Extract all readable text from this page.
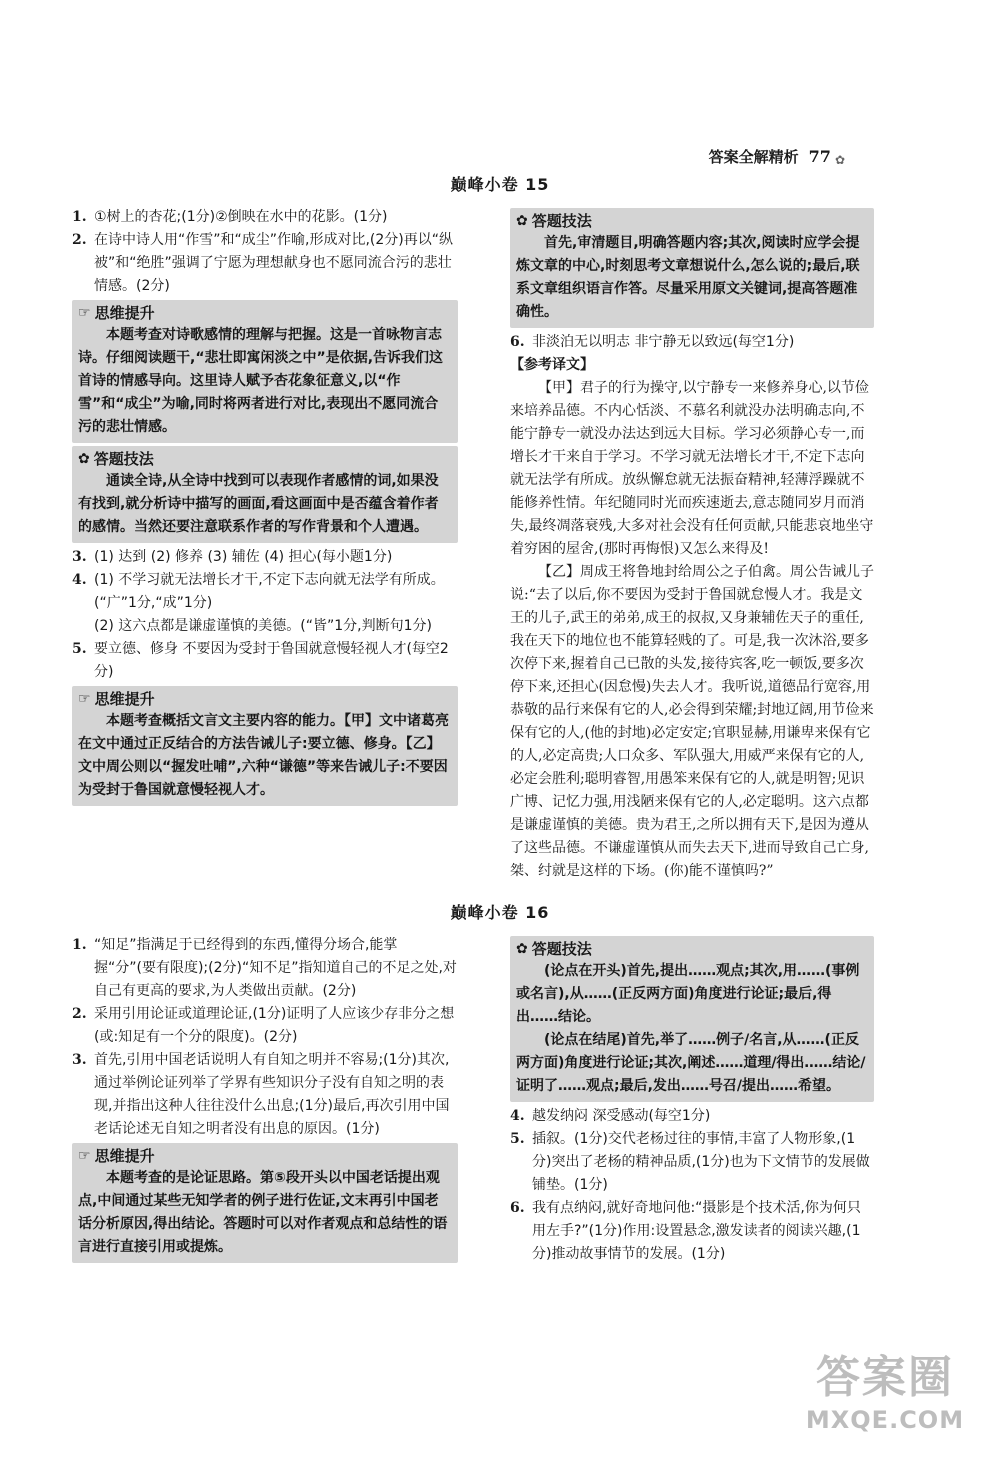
答案全解精析 77 ✿
巅峰小卷 15
1. ①树上的杏花;(1分)②倒映在水中的花影。(1分)
2. 在诗中诗人用“作雪”和“成尘”作喻,形成对比,(2分)再以“纵被”和“绝胜”强调了宁愿为理想献身也不愿同流合污的悲壮情感。(2分)
☞ 思维提升

本题考查对诗歌感情的理解与把握。这是一首咏物言志诗。仔细阅读题干,“悲壮即寓闲淡之中”是依据,告诉我们这首诗的情感导向。这里诗人赋予杏花象征意义,以“作雪”和“成尘”为喻,同时将两者进行对比,表现出不愿同流合污的悲壮情感。

✿ 答题技法

通读全诗,从全诗中找到可以表现作者感情的词,如果没有找到,就分析诗中描写的画面,看这画面中是否蕴含着作者的感情。当然还要注意联系作者的写作背景和个人遭遇。

3. (1) 达到 (2) 修养 (3) 辅佐 (4) 担心(每小题1分)
4. (1) 不学习就无法增长才干,不定下志向就无法学有所成。(“广”1分,“成”1分)
(2) 这六点都是谦虚谨慎的美德。(“皆”1分,判断句1分)
5. 要立德、修身 不要因为受封于鲁国就意慢轻视人才(每空2分)
☞ 思维提升

本题考查概括文言文主要内容的能力。【甲】文中诸葛亮在文中通过正反结合的方法告诫儿子:要立德、修身。【乙】文中周公则以“握发吐哺”,六种“谦德”等来告诫儿子:不要因为受封于鲁国就意慢轻视人才。

✿ 答题技法

首先,审清题目,明确答题内容;其次,阅读时应学会提炼文章的中心,时刻思考文章想说什么,怎么说的;最后,联系文章组织语言作答。尽量采用原文关键词,提高答题准确性。

6. 非淡泊无以明志 非宁静无以致远(每空1分)
【参考译文】

【甲】君子的行为操守,以宁静专一来修养身心,以节俭来培养品德。不内心恬淡、不慕名利就没办法明确志向,不能宁静专一就没办法达到远大目标。学习必须静心专一,而增长才干来自于学习。不学习就无法增长才干,不定下志向就无法学有所成。放纵懈怠就无法振奋精神,轻薄浮躁就不能修养性情。年纪随同时光而疾速逝去,意志随同岁月而消失,最终凋落衰残,大多对社会没有任何贡献,只能悲哀地坐守着穷困的屋舍,(那时再悔恨)又怎么来得及!

【乙】周成王将鲁地封给周公之子伯禽。周公告诫儿子说:“去了以后,你不要因为受封于鲁国就怠慢人才。我是文王的儿子,武王的弟弟,成王的叔叔,又身兼辅佐天子的重任,我在天下的地位也不能算轻贱的了。可是,我一次沐浴,要多次停下来,握着自己已散的头发,接待宾客,吃一顿饭,要多次停下来,还担心(因怠慢)失去人才。我听说,道德品行宽容,用恭敬的品行来保有它的人,必会得到荣耀;封地辽阔,用节俭来保有它的人,(他的封地)必定安定;官职显赫,用谦卑来保有它的人,必定高贵;人口众多、军队强大,用威严来保有它的人,必定会胜利;聪明睿智,用愚笨来保有它的人,就是明智;见识广博、记忆力强,用浅陋来保有它的人,必定聪明。这六点都是谦虚谨慎的美德。贵为君王,之所以拥有天下,是因为遵从了这些品德。不谦虚谨慎从而失去天下,进而导致自己亡身,桀、纣就是这样的下场。(你)能不谨慎吗?”

巅峰小卷 16
1. “知足”指满足于已经得到的东西,懂得分场合,能掌握“分”(要有限度);(2分)“知不足”指知道自己的不足之处,对自己有更高的要求,为人类做出贡献。(2分)
2. 采用引用论证或道理论证,(1分)证明了人应该少存非分之想(或:知足有一个分的限度)。(2分)
3. 首先,引用中国老话说明人有自知之明并不容易;(1分)其次,通过举例论证列举了学界有些知识分子没有自知之明的表现,并指出这种人往往没什么出息;(1分)最后,再次引用中国老话论述无自知之明者没有出息的原因。(1分)
☞ 思维提升

本题考查的是论证思路。第⑤段开头以中国老话提出观点,中间通过某些无知学者的例子进行佐证,文末再引中国老话分析原因,得出结论。答题时可以对作者观点和总结性的语言进行直接引用或提炼。

✿ 答题技法

(论点在开头)首先,提出……观点;其次,用……(事例或名言),从……(正反两方面)角度进行论证;最后,得出……结论。

(论点在结尾)首先,举了……例子/名言,从……(正反两方面)角度进行论证;其次,阐述……道理/得出……结论/证明了……观点;最后,发出……号召/提出……希望。

4. 越发纳闷 深受感动(每空1分)
5. 插叙。(1分)交代老杨过往的事情,丰富了人物形象,(1分)突出了老杨的精神品质,(1分)也为下文情节的发展做铺垫。(1分)
6. 我有点纳闷,就好奇地问他:“摄影是个技术活,你为何只用左手?”(1分)作用:设置悬念,激发读者的阅读兴趣,(1分)推动故事情节的发展。(1分)
答案圈
MXQE.COM
